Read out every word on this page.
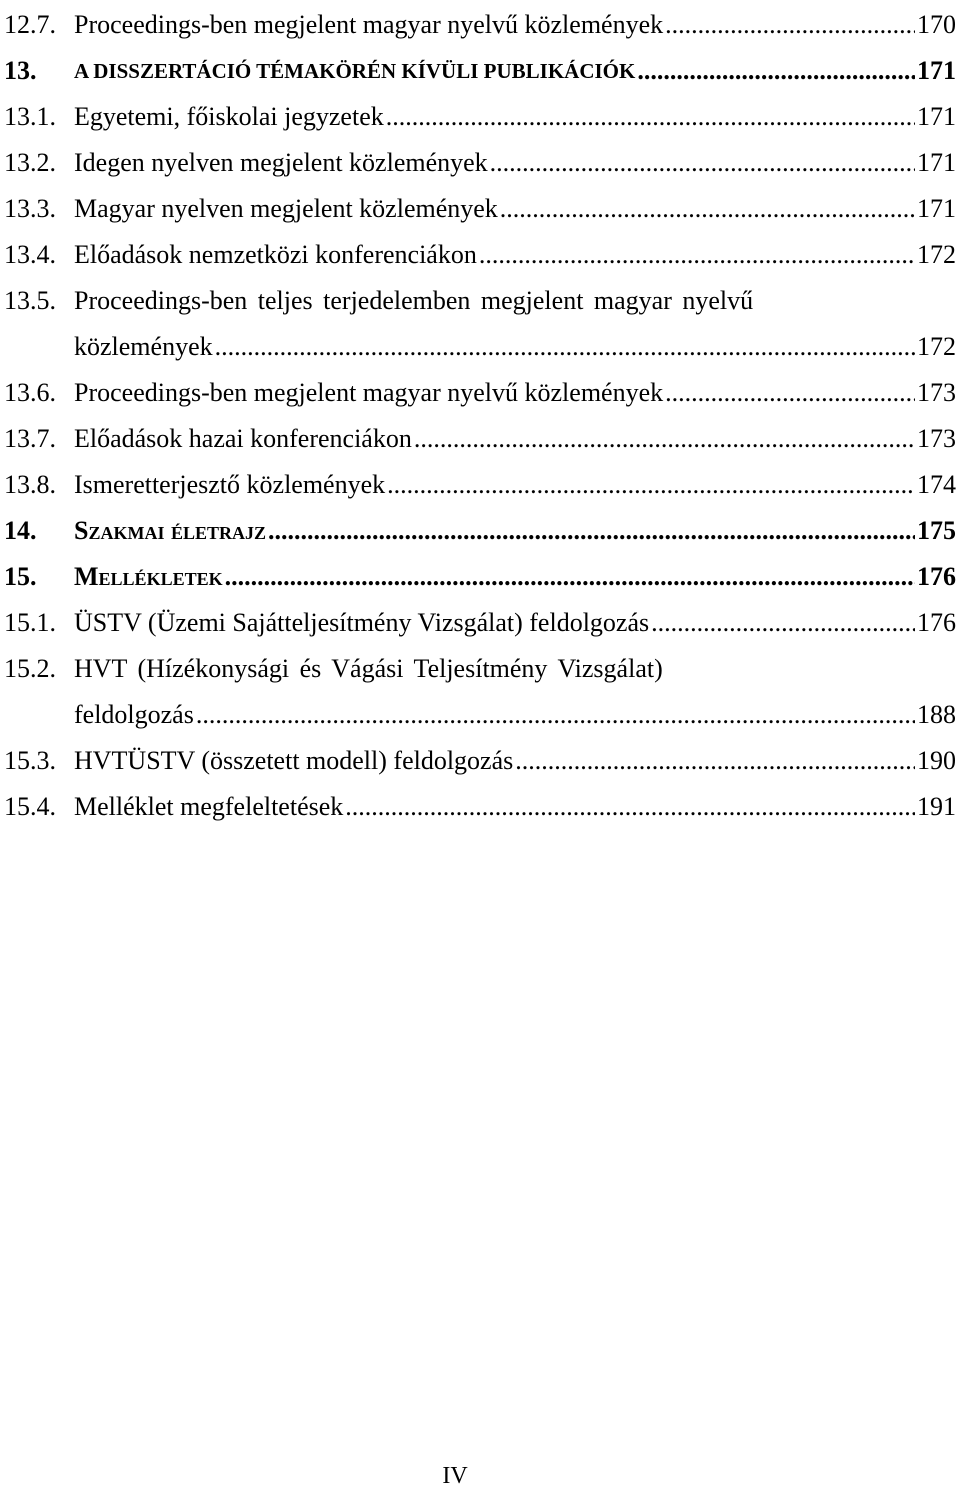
12.7. Proceedings-ben megjelent magyar nyelvű közlemények .....	170
13.	A DISSZERTÁCIÓ TÉMAKÖRÉN KÍVÜLI PUBLIKÁCIÓK .....	171
13.1. Egyetemi, főiskolai jegyzetek .....	171
13.2. Idegen nyelven megjelent közlemények .....	171
13.3. Magyar nyelven megjelent közlemények .....	171
13.4. Előadások nemzetközi konferenciákon .....	172
13.5. Proceedings-ben teljes terjedelemben megjelent magyar nyelvű
közlemények .....	172
13.6. Proceedings-ben megjelent magyar nyelvű közlemények .....	173
13.7. Előadások hazai konferenciákon .....	173
13.8. Ismeretterjesztő közlemények .....	174
14.	Szakmai életrajz .....	175
15.	Mellékletek .....	176
15.1. ÜSTV (Üzemi Sajátteljesítmény Vizsgálat) feldolgozás .....	176
15.2. HVT (Hízékonysági és Vágási Teljesítmény Vizsgálat)
feldolgozás .....	188
15.3. HVTÜSTV (összetett modell) feldolgozás .....	190
15.4. Melléklet megfeleltetések .....	191
IV
